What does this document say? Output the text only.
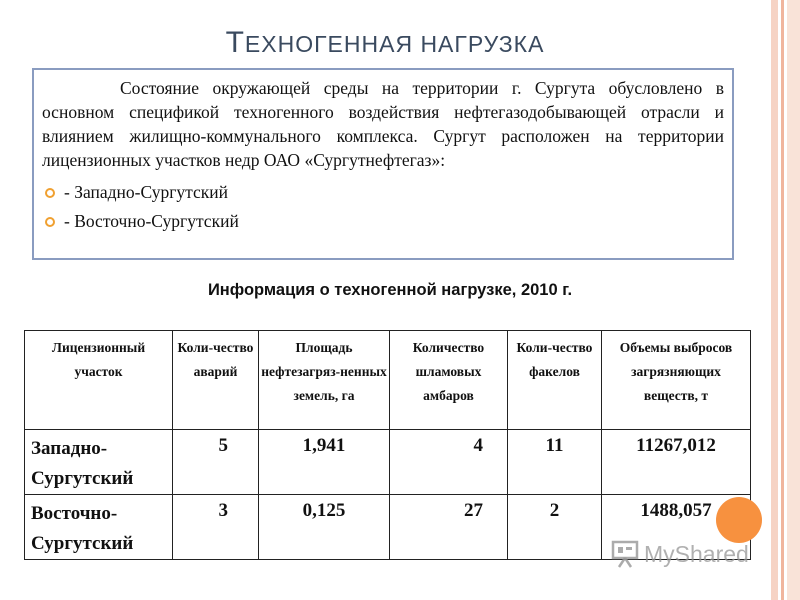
ТЕХНОГЕННАЯ НАГРУЗКА

Состояние окружающей среды на территории г. Сургута обусловлено в основном спецификой техногенного воздействия нефтегазодобывающей отрасли и влиянием жилищно-коммунального комплекса. Сургут расположен на территории лицензионных участков недр ОАО «Сургутнефтегаз»:

- Западно-Сургутский
- Восточно-Сургутский
Информация о техногенной нагрузке, 2010 г.
Лицензионный участок	Коли-чество аварий	Площадь нефтезагряз-ненных земель, га	Количество шламовых амбаров	Коли-чество факелов	Объемы выбросов загрязняющих веществ, т
Западно-Сургутский	5	1,941	4	11	11267,012
Восточно-Сургутский	3	0,125	27	2	1488,057
MyShared
